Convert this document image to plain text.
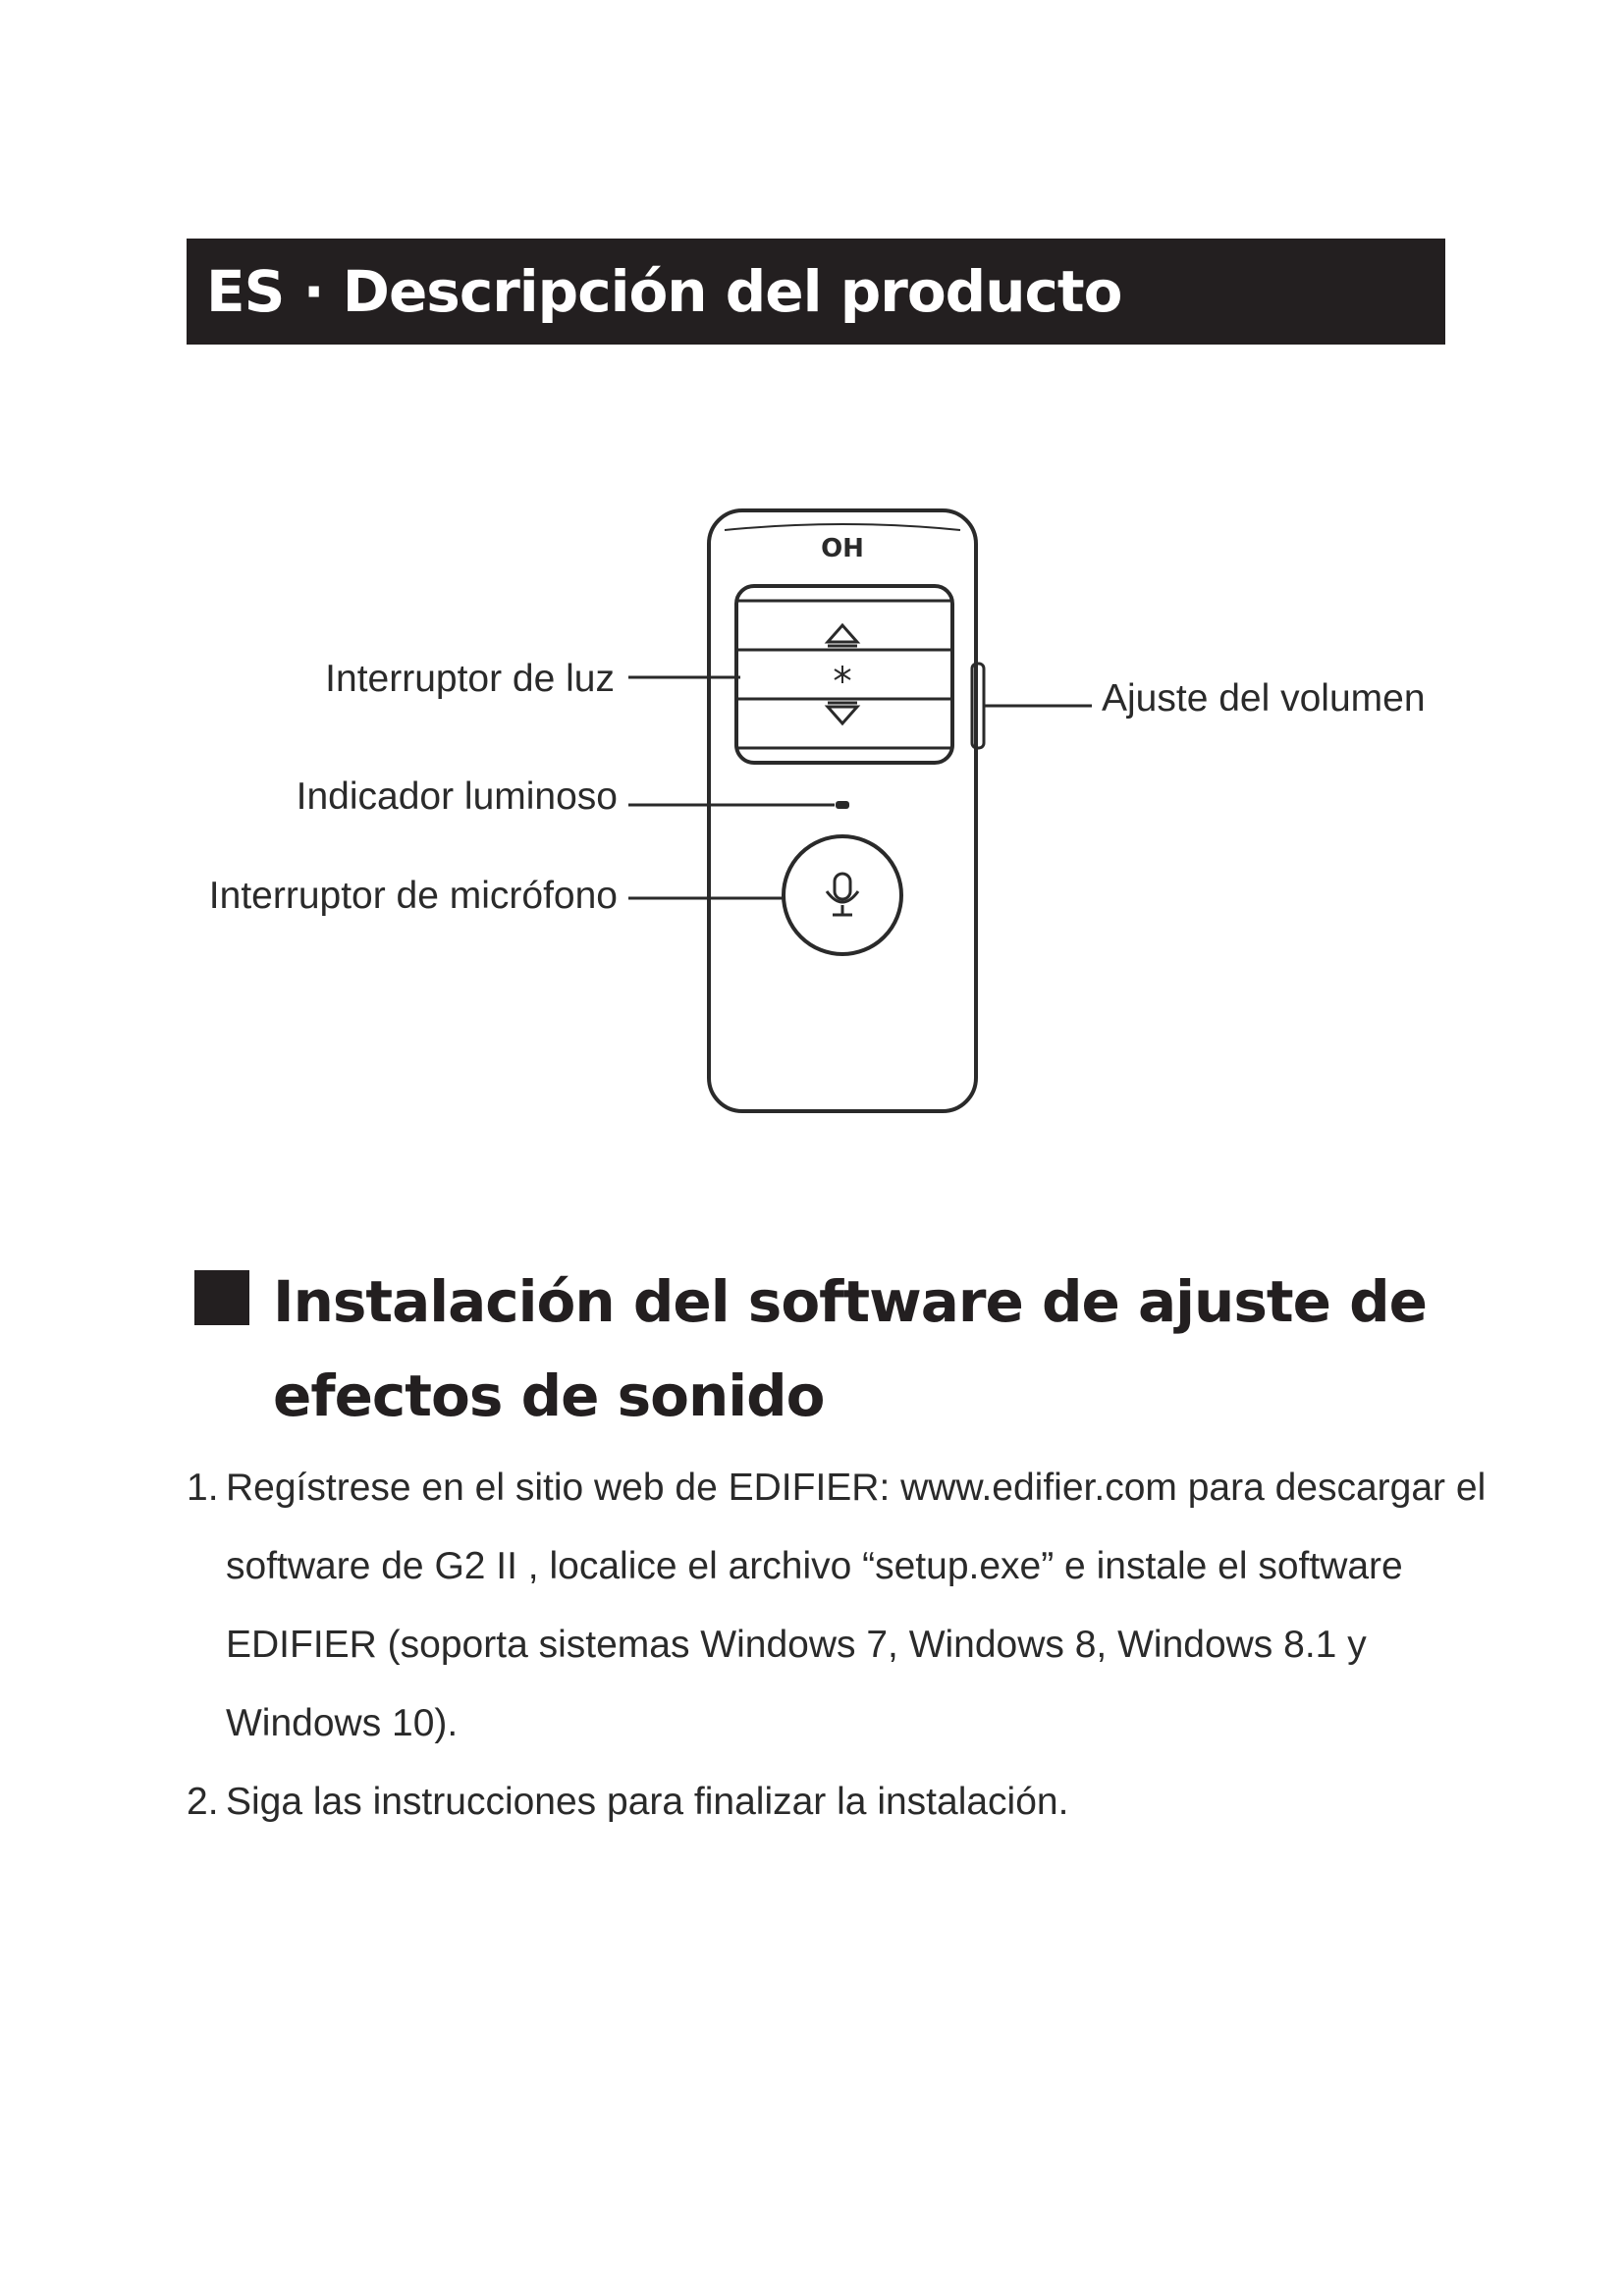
ES · Descripción del producto
OH
Interruptor de luz
Indicador luminoso
Interruptor de micrófono
Ajuste del volumen
Instalación del software de ajuste de efectos de sonido
1. Regístrese en el sitio web de EDIFIER: www.edifier.com para descargar el software de G2 II , localice el archivo “setup.exe” e instale el software EDIFIER (soporta sistemas Windows 7, Windows 8, Windows 8.1 y Windows 10).
2. Siga las instrucciones para finalizar la instalación.
